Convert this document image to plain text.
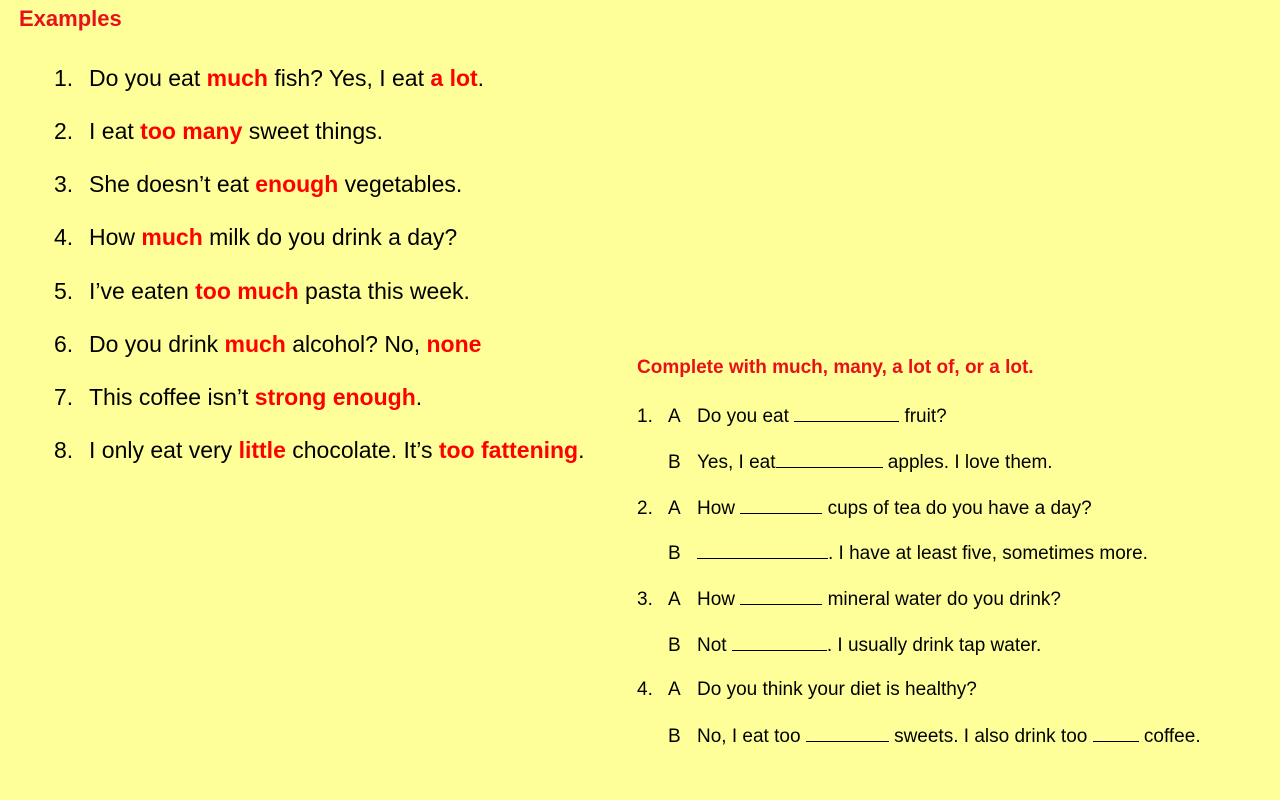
Examples
1. Do you eat much fish? Yes, I eat a lot.
2. I eat too many sweet things.
3. She doesn’t eat enough vegetables.
4. How much milk do you drink a day?
5. I’ve eaten too much pasta this week.
6. Do you drink much alcohol? No, none
7. This coffee isn’t strong enough.
8. I only eat very little chocolate. It’s too fattening.
Complete with much, many, a lot of, or a lot.
1. A Do you eat	fruit?
B Yes, I eat	apples. I love them.
2. A How	cups of tea do you have a day?
B	. I have at least five, sometimes more.
3. A How	mineral water do you drink?
B Not	. I usually drink tap water.
4. A Do you think your diet is healthy?
B No, I eat too	sweets. I also drink too  coffee.
